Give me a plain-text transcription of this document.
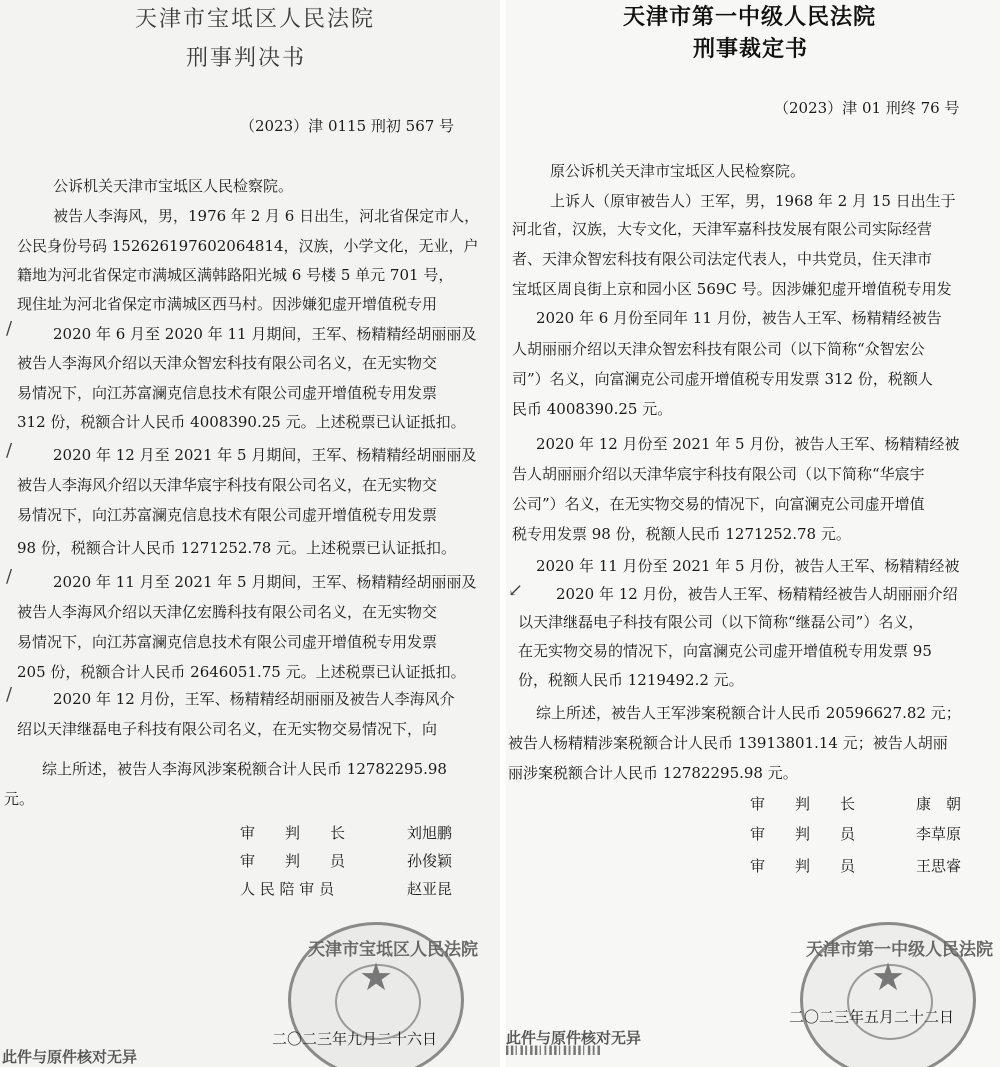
天津市宝坻区人民法院
刑事判决书
（2023）津 0115 刑初 567 号
公诉机关天津市宝坻区人民检察院。
被告人李海风，男，1976 年 2 月 6 日出生，河北省保定市人，
公民身份号码 152626197602064814，汉族，小学文化，无业，户
籍地为河北省保定市满城区满韩路阳光城 6 号楼 5 单元 701 号，
现住址为河北省保定市满城区西马村。因涉嫌犯虚开增值税专用
2020 年 6 月至 2020 年 11 月期间，王军、杨精精经胡丽丽及
被告人李海风介绍以天津众智宏科技有限公司名义，在无实物交
易情况下，向江苏富澜克信息技术有限公司虚开增值税专用发票
312 份，税额合计人民币 4008390.25 元。上述税票已认证抵扣。
2020 年 12 月至 2021 年 5 月期间，王军、杨精精经胡丽丽及
被告人李海风介绍以天津华宸宇科技有限公司名义，在无实物交
易情况下，向江苏富澜克信息技术有限公司虚开增值税专用发票
98 份，税额合计人民币 1271252.78 元。上述税票已认证抵扣。
2020 年 11 月至 2021 年 5 月期间，王军、杨精精经胡丽丽及
被告人李海风介绍以天津亿宏腾科技有限公司名义，在无实物交
易情况下，向江苏富澜克信息技术有限公司虚开增值税专用发票
205 份，税额合计人民币 2646051.75 元。上述税票已认证抵扣。
2020 年 12 月份，王军、杨精精经胡丽丽及被告人李海风介
绍以天津继磊电子科技有限公司名义，在无实物交易情况下，向
综上所述，被告人李海风涉案税额合计人民币 12782295.98
元。
/
/
/
/
审　　判　　长	刘旭鹏
审　　判　　员	孙俊颖
人 民 陪 审 员	赵亚昆
★
天津市宝坻区人民法院
二〇二三年九月二十六日
此件与原件核对无异
天津市第一中级人民法院
刑事裁定书
（2023）津 01 刑终 76 号
原公诉机关天津市宝坻区人民检察院。
上诉人（原审被告人）王军，男，1968 年 2 月 15 日出生于
河北省，汉族，大专文化，天津军嘉科技发展有限公司实际经营
者、天津众智宏科技有限公司法定代表人，中共党员，住天津市
宝坻区周良街上京和园小区 569C 号。因涉嫌犯虚开增值税专用发
2020 年 6 月份至同年 11 月份，被告人王军、杨精精经被告
人胡丽丽介绍以天津众智宏科技有限公司（以下简称“众智宏公
司”）名义，向富澜克公司虚开增值税专用发票 312 份，税额人
民币 4008390.25 元。
2020 年 12 月份至 2021 年 5 月份，被告人王军、杨精精经被
告人胡丽丽介绍以天津华宸宇科技有限公司（以下简称“华宸宇
公司”）名义，在无实物交易的情况下，向富澜克公司虚开增值
税专用发票 98 份，税额人民币 1271252.78 元。
2020 年 11 月份至 2021 年 5 月份，被告人王军、杨精精经被
2020 年 12 月份，被告人王军、杨精精经被告人胡丽丽介绍
以天津继磊电子科技有限公司（以下简称“继磊公司”）名义，
在无实物交易的情况下，向富澜克公司虚开增值税专用发票 95
份，税额人民币 1219492.2 元。
综上所述，被告人王军涉案税额合计人民币 20596627.82 元；
被告人杨精精涉案税额合计人民币 13913801.14 元；被告人胡丽
丽涉案税额合计人民币 12782295.98 元。
↙
审　　判　　长	康　朝
审　　判　　员	李草原
审　　判　　员	王思睿
★
天津市第一中级人民法院
二〇二三年五月二十二日
此件与原件核对无异
▌▌▎▌▍▌▌▎▍▌▌▎▌▍▌▌▎▌▍▌
